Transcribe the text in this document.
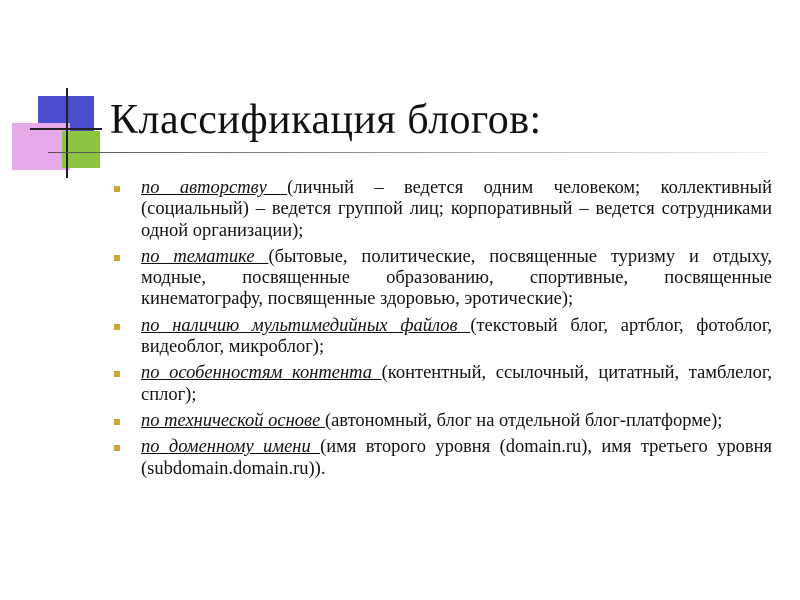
Классификация блогов:
по авторству (личный – ведется одним человеком; коллективный (социальный) – ведется группой лиц; корпоративный – ведется сотрудниками одной организации);
по тематике (бытовые, политические, посвященные туризму и отдыху, модные, посвященные образованию, спортивные, посвященные кинематографу, посвященные здоровью, эротические);
по наличию мультимедийных файлов (текстовый блог, артблог, фотоблог, видеоблог, микроблог);
по особенностям контента (контентный, ссылочный, цитатный, тамблелог, сплог);
по технической основе (автономный, блог на отдельной блог-платформе);
по доменному имени (имя второго уровня (domain.ru), имя третьего уровня (subdomain.domain.ru)).
